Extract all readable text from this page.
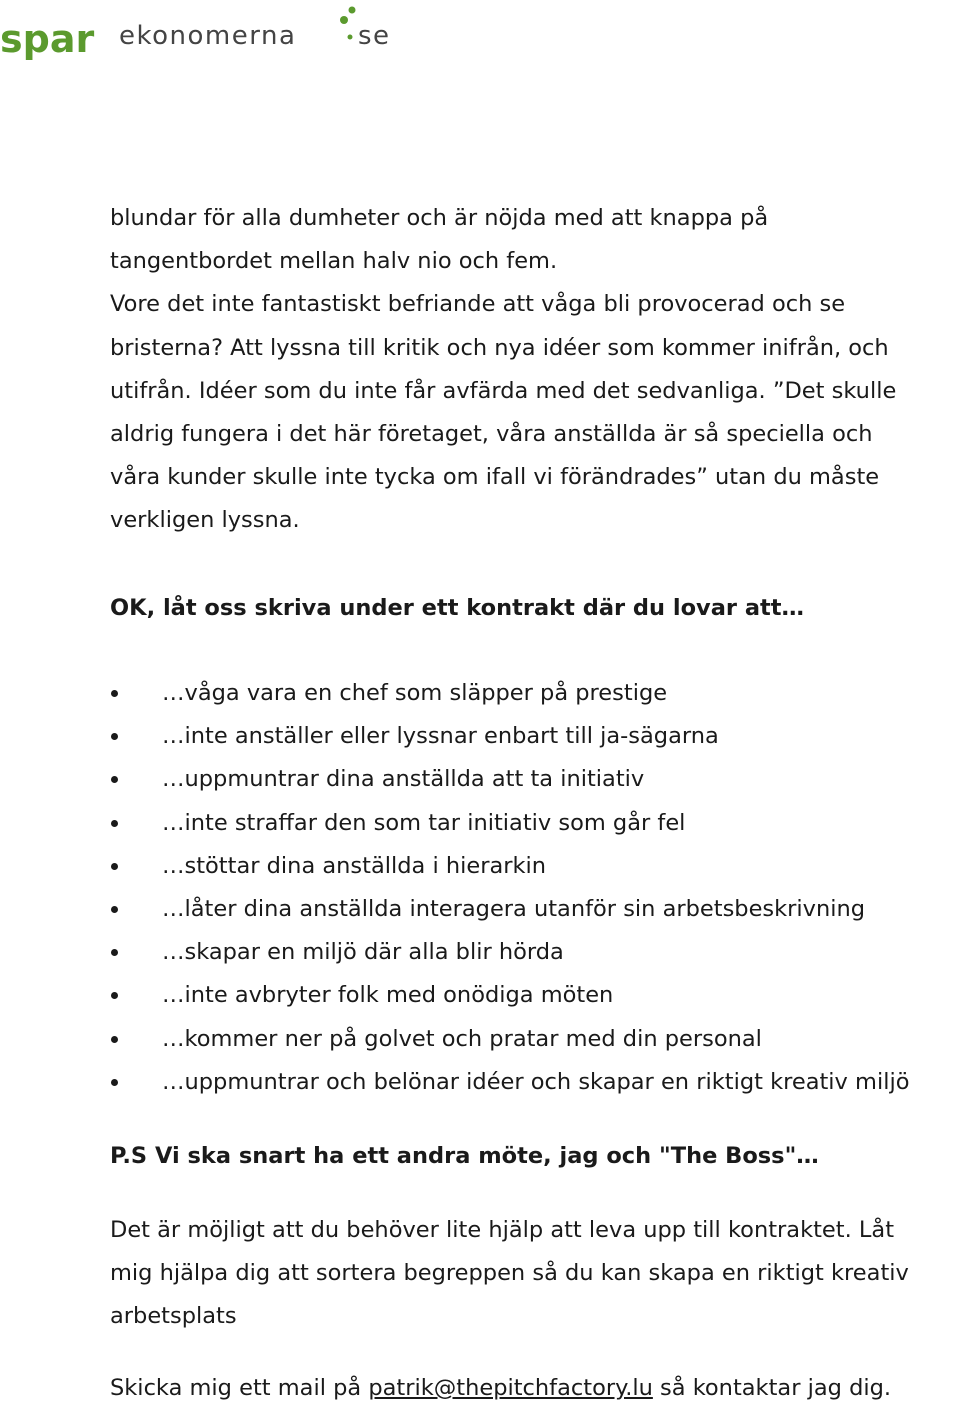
spar ekonomerna se
blundar för alla dumheter och är nöjda med att knappa på
tangentbordet mellan halv nio och fem.
Vore det inte fantastiskt befriande att våga bli provocerad och se
bristerna? Att lyssna till kritik och nya idéer som kommer inifrån, och
utifrån. Idéer som du inte får avfärda med det sedvanliga. ”Det skulle
aldrig fungera i det här företaget, våra anställda är så speciella och
våra kunder skulle inte tycka om ifall vi förändrades” utan du måste
verkligen lyssna.
OK, låt oss skriva under ett kontrakt där du lovar att…
…våga vara en chef som släpper på prestige
…inte anställer eller lyssnar enbart till ja-sägarna
…uppmuntrar dina anställda att ta initiativ
…inte straffar den som tar initiativ som går fel
…stöttar dina anställda i hierarkin
…låter dina anställda interagera utanför sin arbetsbeskrivning
…skapar en miljö där alla blir hörda
…inte avbryter folk med onödiga möten
…kommer ner på golvet och pratar med din personal
…uppmuntrar och belönar idéer och skapar en riktigt kreativ miljö
P.S Vi ska snart ha ett andra möte, jag och "The Boss"…
Det är möjligt att du behöver lite hjälp att leva upp till kontraktet. Låt
mig hjälpa dig att sortera begreppen så du kan skapa en riktigt kreativ
arbetsplats
Skicka mig ett mail på patrik@thepitchfactory.lu så kontaktar jag dig.
